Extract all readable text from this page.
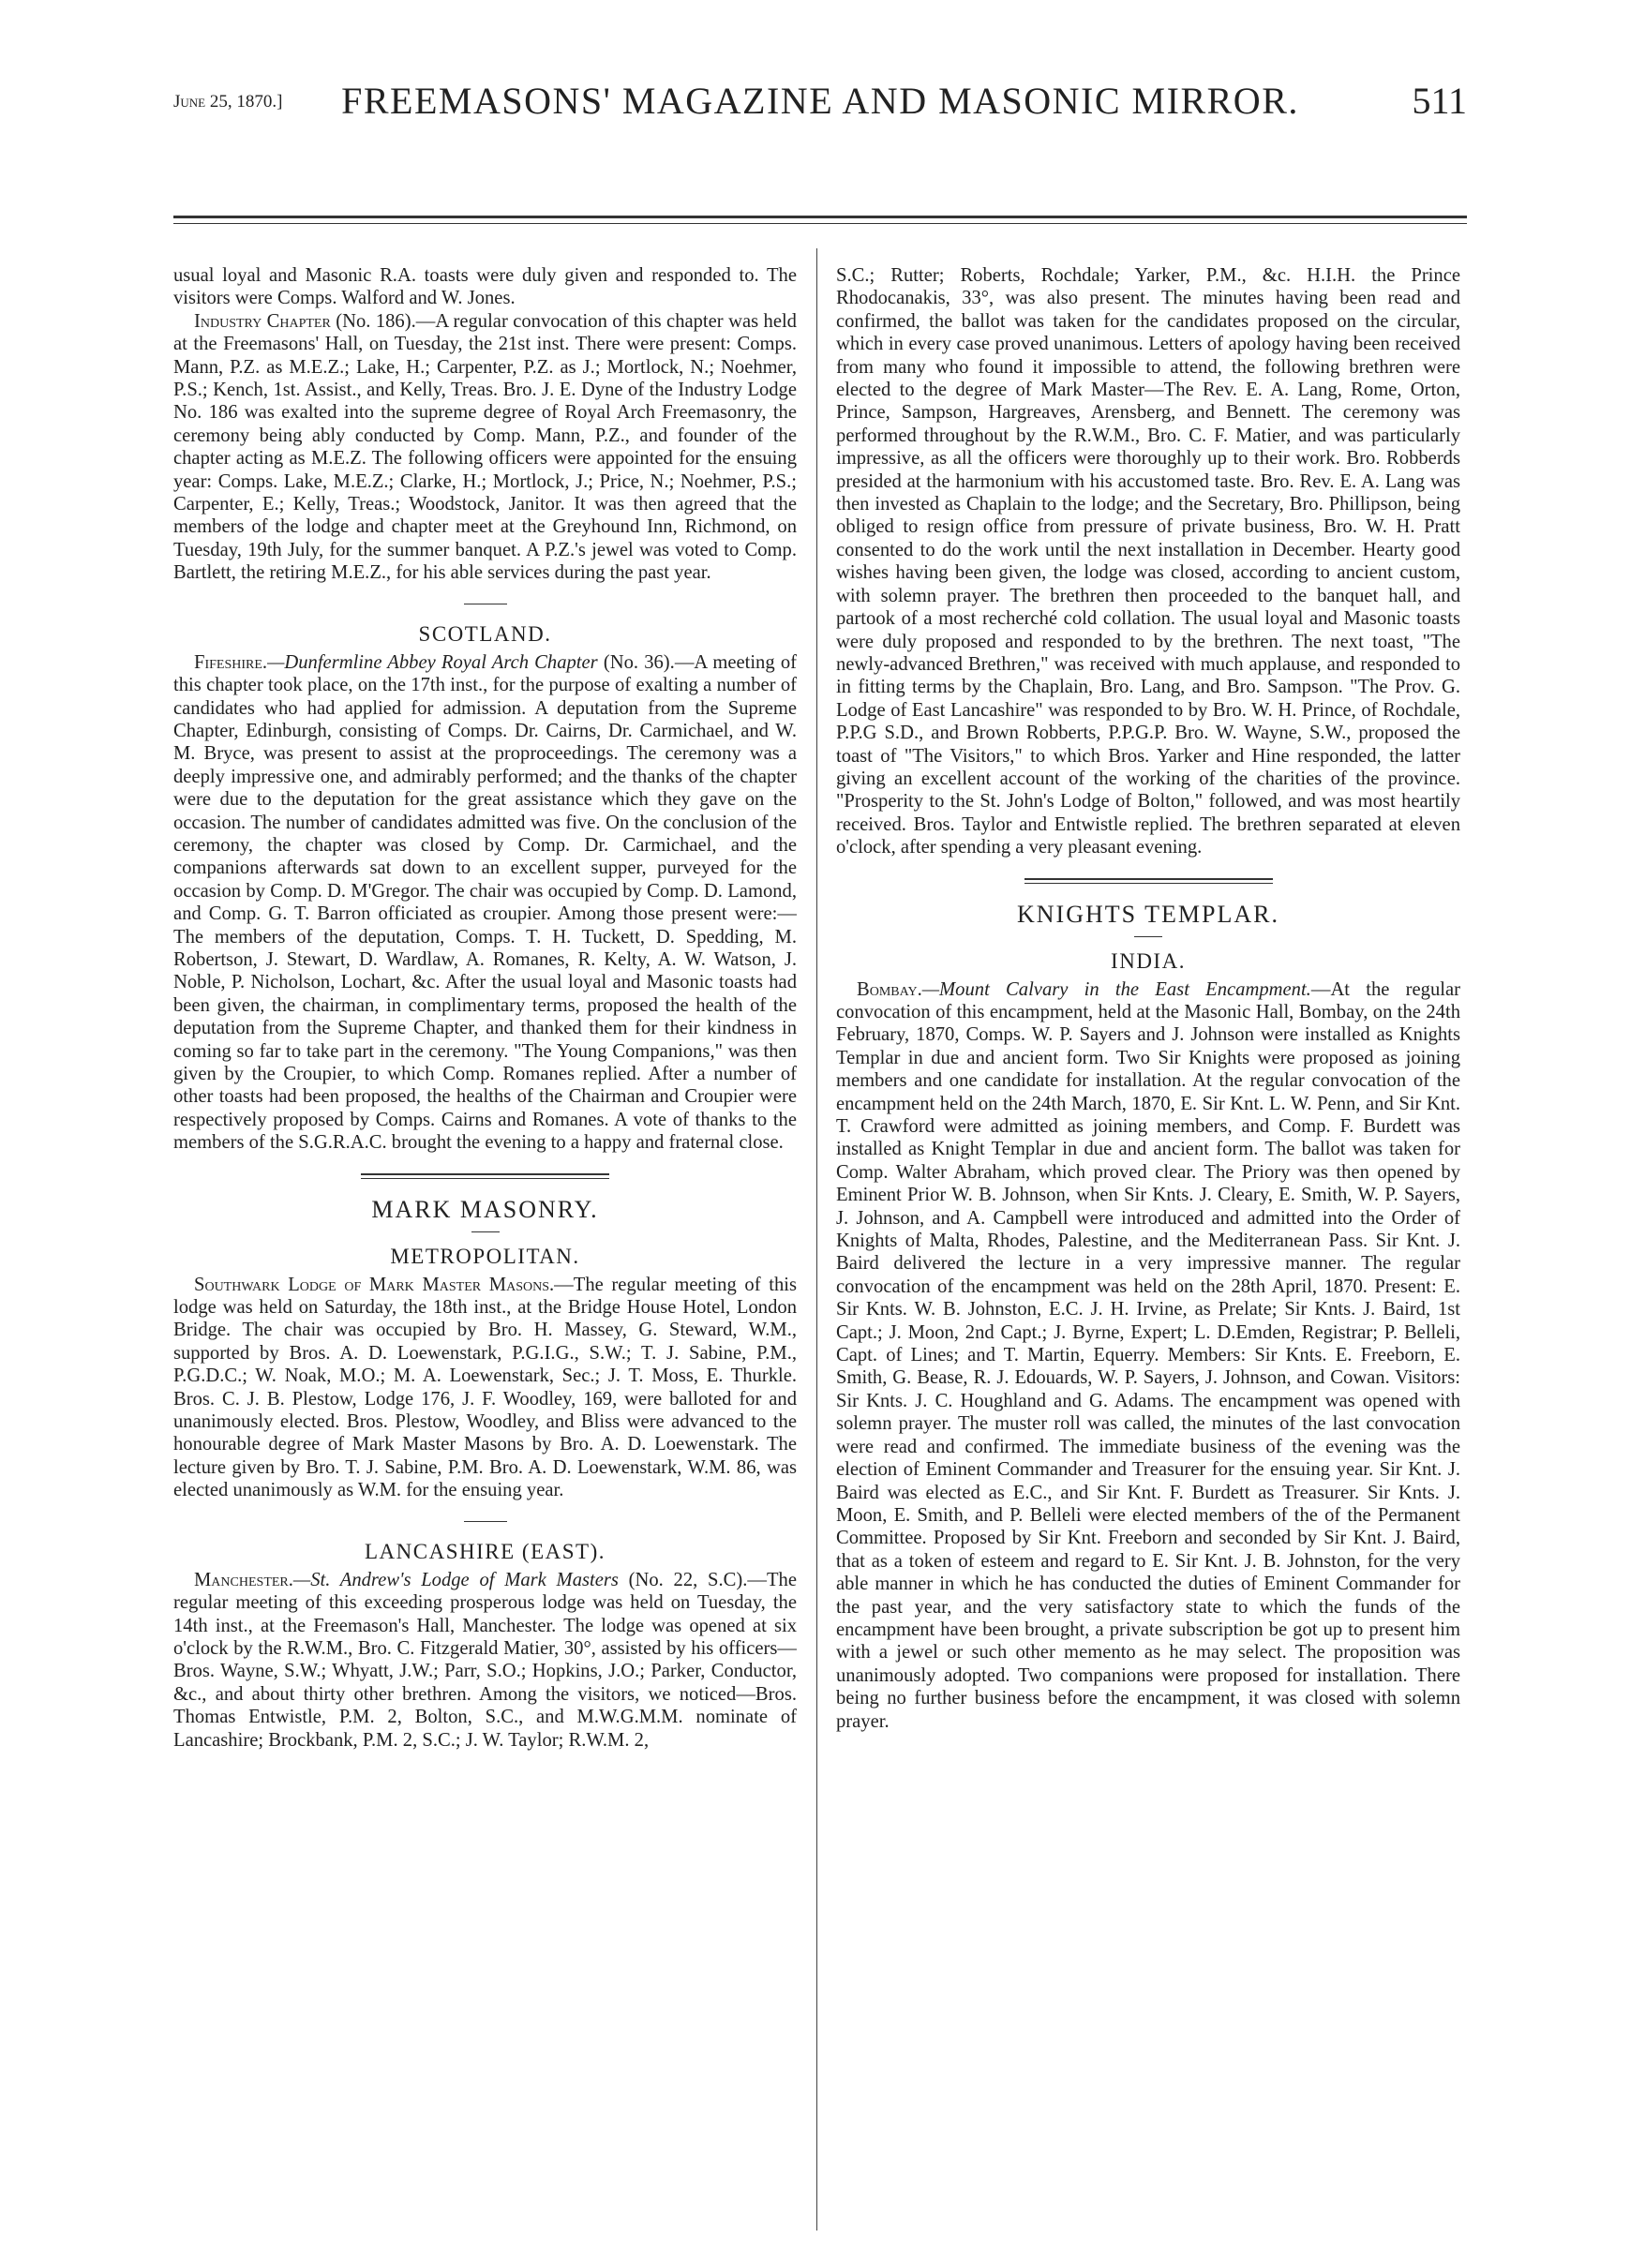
June 25, 1870.]	FREEMASONS' MAGAZINE AND MASONIC MIRROR.	511

usual loyal and Masonic R.A. toasts were duly given and responded to. The visitors were Comps. Walford and W. Jones.

Industry Chapter (No. 186).—A regular convocation of this chapter was held at the Freemasons' Hall, on Tuesday, the 21st inst. There were present: Comps. Mann, P.Z. as M.E.Z.; Lake, H.; Carpenter, P.Z. as J.; Mortlock, N.; Noehmer, P.S.; Kench, 1st. Assist., and Kelly, Treas. Bro. J. E. Dyne of the Industry Lodge No. 186 was exalted into the supreme degree of Royal Arch Freemasonry, the ceremony being ably conducted by Comp. Mann, P.Z., and founder of the chapter acting as M.E.Z. The following officers were appointed for the ensuing year: Comps. Lake, M.E.Z.; Clarke, H.; Mortlock, J.; Price, N.; Noehmer, P.S.; Carpenter, E.; Kelly, Treas.; Woodstock, Janitor. It was then agreed that the members of the lodge and chapter meet at the Greyhound Inn, Richmond, on Tuesday, 19th July, for the summer banquet. A P.Z.'s jewel was voted to Comp. Bartlett, the retiring M.E.Z., for his able services during the past year.

SCOTLAND.

Fifeshire.—Dunfermline Abbey Royal Arch Chapter (No. 36).—A meeting of this chapter took place, on the 17th inst., for the purpose of exalting a number of candidates who had applied for admission. A deputation from the Supreme Chapter, Edinburgh, consisting of Comps. Dr. Cairns, Dr. Carmichael, and W. M. Bryce, was present to assist at the proproceedings. The ceremony was a deeply impressive one, and admirably performed; and the thanks of the chapter were due to the deputation for the great assistance which they gave on the occasion. The number of candidates admitted was five. On the conclusion of the ceremony, the chapter was closed by Comp. Dr. Carmichael, and the companions afterwards sat down to an excellent supper, purveyed for the occasion by Comp. D. M'Gregor. The chair was occupied by Comp. D. Lamond, and Comp. G. T. Barron officiated as croupier. Among those present were:—The members of the deputation, Comps. T. H. Tuckett, D. Spedding, M. Robertson, J. Stewart, D. Wardlaw, A. Romanes, R. Kelty, A. W. Watson, J. Noble, P. Nicholson, Lochart, &c. After the usual loyal and Masonic toasts had been given, the chairman, in complimentary terms, proposed the health of the deputation from the Supreme Chapter, and thanked them for their kindness in coming so far to take part in the ceremony. "The Young Companions," was then given by the Croupier, to which Comp. Romanes replied. After a number of other toasts had been proposed, the healths of the Chairman and Croupier were respectively proposed by Comps. Cairns and Romanes. A vote of thanks to the members of the S.G.R.A.C. brought the evening to a happy and fraternal close.

MARK MASONRY.
METROPOLITAN.

Southwark Lodge of Mark Master Masons.—The regular meeting of this lodge was held on Saturday, the 18th inst., at the Bridge House Hotel, London Bridge. The chair was occupied by Bro. H. Massey, G. Steward, W.M., supported by Bros. A. D. Loewenstark, P.G.I.G., S.W.; T. J. Sabine, P.M., P.G.D.C.; W. Noak, M.O.; M. A. Loewenstark, Sec.; J. T. Moss, E. Thurkle. Bros. C. J. B. Plestow, Lodge 176, J. F. Woodley, 169, were balloted for and unanimously elected. Bros. Plestow, Woodley, and Bliss were advanced to the honourable degree of Mark Master Masons by Bro. A. D. Loewenstark. The lecture given by Bro. T. J. Sabine, P.M. Bro. A. D. Loewenstark, W.M. 86, was elected unanimously as W.M. for the ensuing year.

LANCASHIRE (EAST).

Manchester.—St. Andrew's Lodge of Mark Masters (No. 22, S.C).—The regular meeting of this exceeding prosperous lodge was held on Tuesday, the 14th inst., at the Freemason's Hall, Manchester. The lodge was opened at six o'clock by the R.W.M., Bro. C. Fitzgerald Matier, 30°, assisted by his officers—Bros. Wayne, S.W.; Whyatt, J.W.; Parr, S.O.; Hopkins, J.O.; Parker, Conductor, &c., and about thirty other brethren. Among the visitors, we noticed—Bros. Thomas Entwistle, P.M. 2, Bolton, S.C., and M.W.G.M.M. nominate of Lancashire; Brockbank, P.M. 2, S.C.; J. W. Taylor; R.W.M. 2,

S.C.; Rutter; Roberts, Rochdale; Yarker, P.M., &c. H.I.H. the Prince Rhodocanakis, 33°, was also present. The minutes having been read and confirmed, the ballot was taken for the candidates proposed on the circular, which in every case proved unanimous. Letters of apology having been received from many who found it impossible to attend, the following brethren were elected to the degree of Mark Master—The Rev. E. A. Lang, Rome, Orton, Prince, Sampson, Hargreaves, Arensberg, and Bennett. The ceremony was performed throughout by the R.W.M., Bro. C. F. Matier, and was particularly impressive, as all the officers were thoroughly up to their work. Bro. Robberds presided at the harmonium with his accustomed taste. Bro. Rev. E. A. Lang was then invested as Chaplain to the lodge; and the Secretary, Bro. Phillipson, being obliged to resign office from pressure of private business, Bro. W. H. Pratt consented to do the work until the next installation in December. Hearty good wishes having been given, the lodge was closed, according to ancient custom, with solemn prayer. The brethren then proceeded to the banquet hall, and partook of a most recherché cold collation. The usual loyal and Masonic toasts were duly proposed and responded to by the brethren. The next toast, "The newly-advanced Brethren," was received with much applause, and responded to in fitting terms by the Chaplain, Bro. Lang, and Bro. Sampson. "The Prov. G. Lodge of East Lancashire" was responded to by Bro. W. H. Prince, of Rochdale, P.P.G S.D., and Brown Robberts, P.P.G.P. Bro. W. Wayne, S.W., proposed the toast of "The Visitors," to which Bros. Yarker and Hine responded, the latter giving an excellent account of the working of the charities of the province. "Prosperity to the St. John's Lodge of Bolton," followed, and was most heartily received. Bros. Taylor and Entwistle replied. The brethren separated at eleven o'clock, after spending a very pleasant evening.

KNIGHTS TEMPLAR.
INDIA.

Bombay.—Mount Calvary in the East Encampment.—At the regular convocation of this encampment, held at the Masonic Hall, Bombay, on the 24th February, 1870, Comps. W. P. Sayers and J. Johnson were installed as Knights Templar in due and ancient form. Two Sir Knights were proposed as joining members and one candidate for installation. At the regular convocation of the encampment held on the 24th March, 1870, E. Sir Knt. L. W. Penn, and Sir Knt. T. Crawford were admitted as joining members, and Comp. F. Burdett was installed as Knight Templar in due and ancient form. The ballot was taken for Comp. Walter Abraham, which proved clear. The Priory was then opened by Eminent Prior W. B. Johnson, when Sir Knts. J. Cleary, E. Smith, W. P. Sayers, J. Johnson, and A. Campbell were introduced and admitted into the Order of Knights of Malta, Rhodes, Palestine, and the Mediterranean Pass. Sir Knt. J. Baird delivered the lecture in a very impressive manner. The regular convocation of the encampment was held on the 28th April, 1870. Present: E. Sir Knts. W. B. Johnston, E.C. J. H. Irvine, as Prelate; Sir Knts. J. Baird, 1st Capt.; J. Moon, 2nd Capt.; J. Byrne, Expert; L. D.Emden, Registrar; P. Belleli, Capt. of Lines; and T. Martin, Equerry. Members: Sir Knts. E. Freeborn, E. Smith, G. Bease, R. J. Edouards, W. P. Sayers, J. Johnson, and Cowan. Visitors: Sir Knts. J. C. Houghland and G. Adams. The encampment was opened with solemn prayer. The muster roll was called, the minutes of the last convocation were read and confirmed. The immediate business of the evening was the election of Eminent Commander and Treasurer for the ensuing year. Sir Knt. J. Baird was elected as E.C., and Sir Knt. F. Burdett as Treasurer. Sir Knts. J. Moon, E. Smith, and P. Belleli were elected members of the of the Permanent Committee. Proposed by Sir Knt. Freeborn and seconded by Sir Knt. J. Baird, that as a token of esteem and regard to E. Sir Knt. J. B. Johnston, for the very able manner in which he has conducted the duties of Eminent Commander for the past year, and the very satisfactory state to which the funds of the encampment have been brought, a private subscription be got up to present him with a jewel or such other memento as he may select. The proposition was unanimously adopted. Two companions were proposed for installation. There being no further business before the encampment, it was closed with solemn prayer.
